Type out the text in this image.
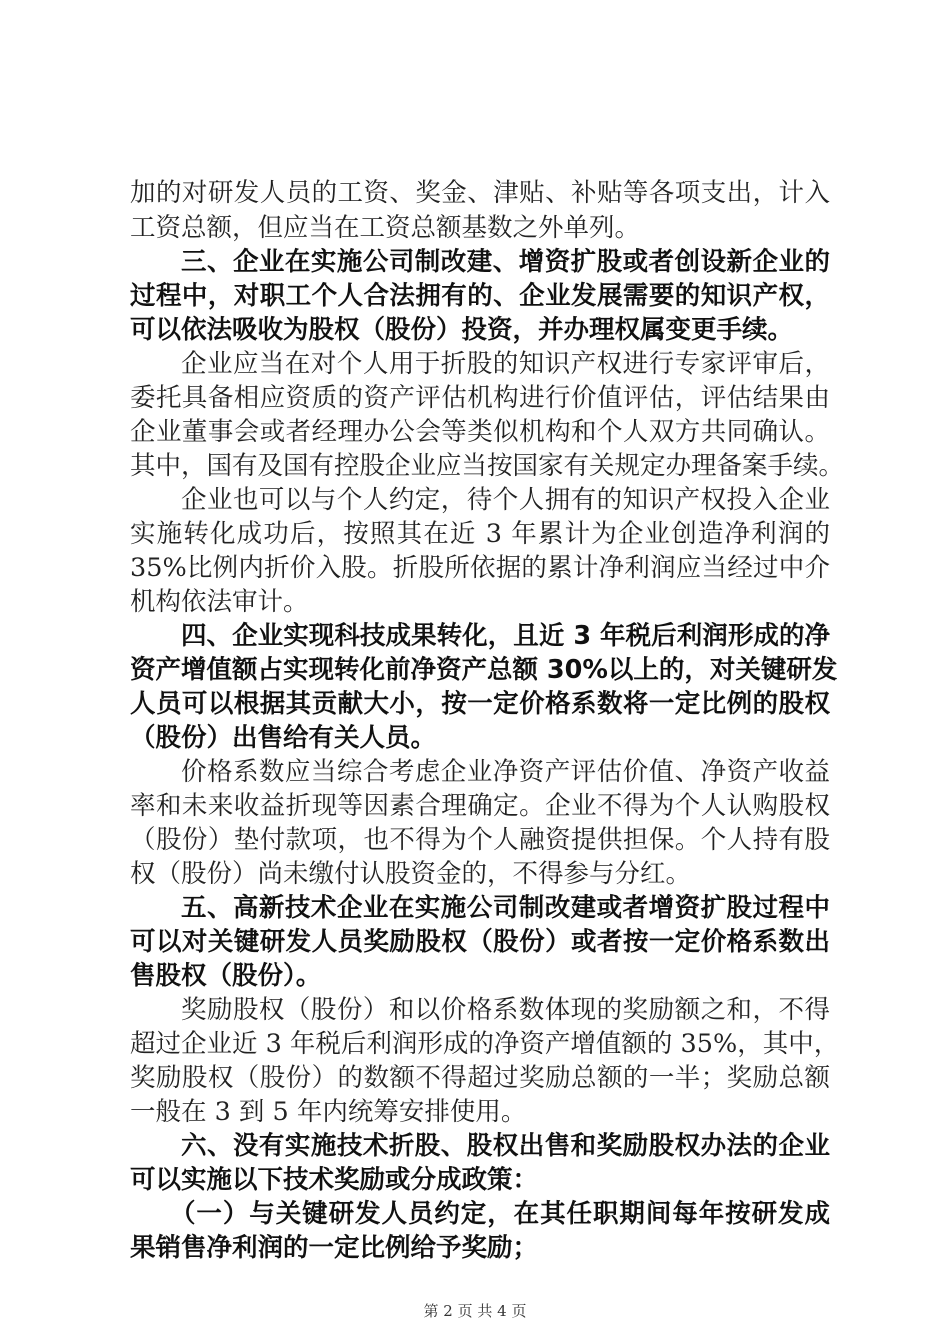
加的对研发人员的工资、奖金、津贴、补贴等各项支出，计入
工资总额，但应当在工资总额基数之外单列。
三、企业在实施公司制改建、增资扩股或者创设新企业的
过程中，对职工个人合法拥有的、企业发展需要的知识产权，
可以依法吸收为股权（股份）投资，并办理权属变更手续。
企业应当在对个人用于折股的知识产权进行专家评审后，
委托具备相应资质的资产评估机构进行价值评估，评估结果由
企业董事会或者经理办公会等类似机构和个人双方共同确认。
其中，国有及国有控股企业应当按国家有关规定办理备案手续。
企业也可以与个人约定，待个人拥有的知识产权投入企业
实施转化成功后，按照其在近 3 年累计为企业创造净利润的
35%比例内折价入股。折股所依据的累计净利润应当经过中介
机构依法审计。
四、企业实现科技成果转化，且近 3 年税后利润形成的净
资产增值额占实现转化前净资产总额 30%以上的，对关键研发
人员可以根据其贡献大小，按一定价格系数将一定比例的股权
（股份）出售给有关人员。
价格系数应当综合考虑企业净资产评估价值、净资产收益
率和未来收益折现等因素合理确定。企业不得为个人认购股权
（股份）垫付款项，也不得为个人融资提供担保。个人持有股
权（股份）尚未缴付认股资金的，不得参与分红。
五、高新技术企业在实施公司制改建或者增资扩股过程中
可以对关键研发人员奖励股权（股份）或者按一定价格系数出
售股权（股份）。
奖励股权（股份）和以价格系数体现的奖励额之和，不得
超过企业近 3 年税后利润形成的净资产增值额的 35%，其中，
奖励股权（股份）的数额不得超过奖励总额的一半；奖励总额
一般在 3 到 5 年内统筹安排使用。
六、没有实施技术折股、股权出售和奖励股权办法的企业
可以实施以下技术奖励或分成政策：
（一）与关键研发人员约定，在其任职期间每年按研发成
果销售净利润的一定比例给予奖励；
第 2 页 共 4 页
